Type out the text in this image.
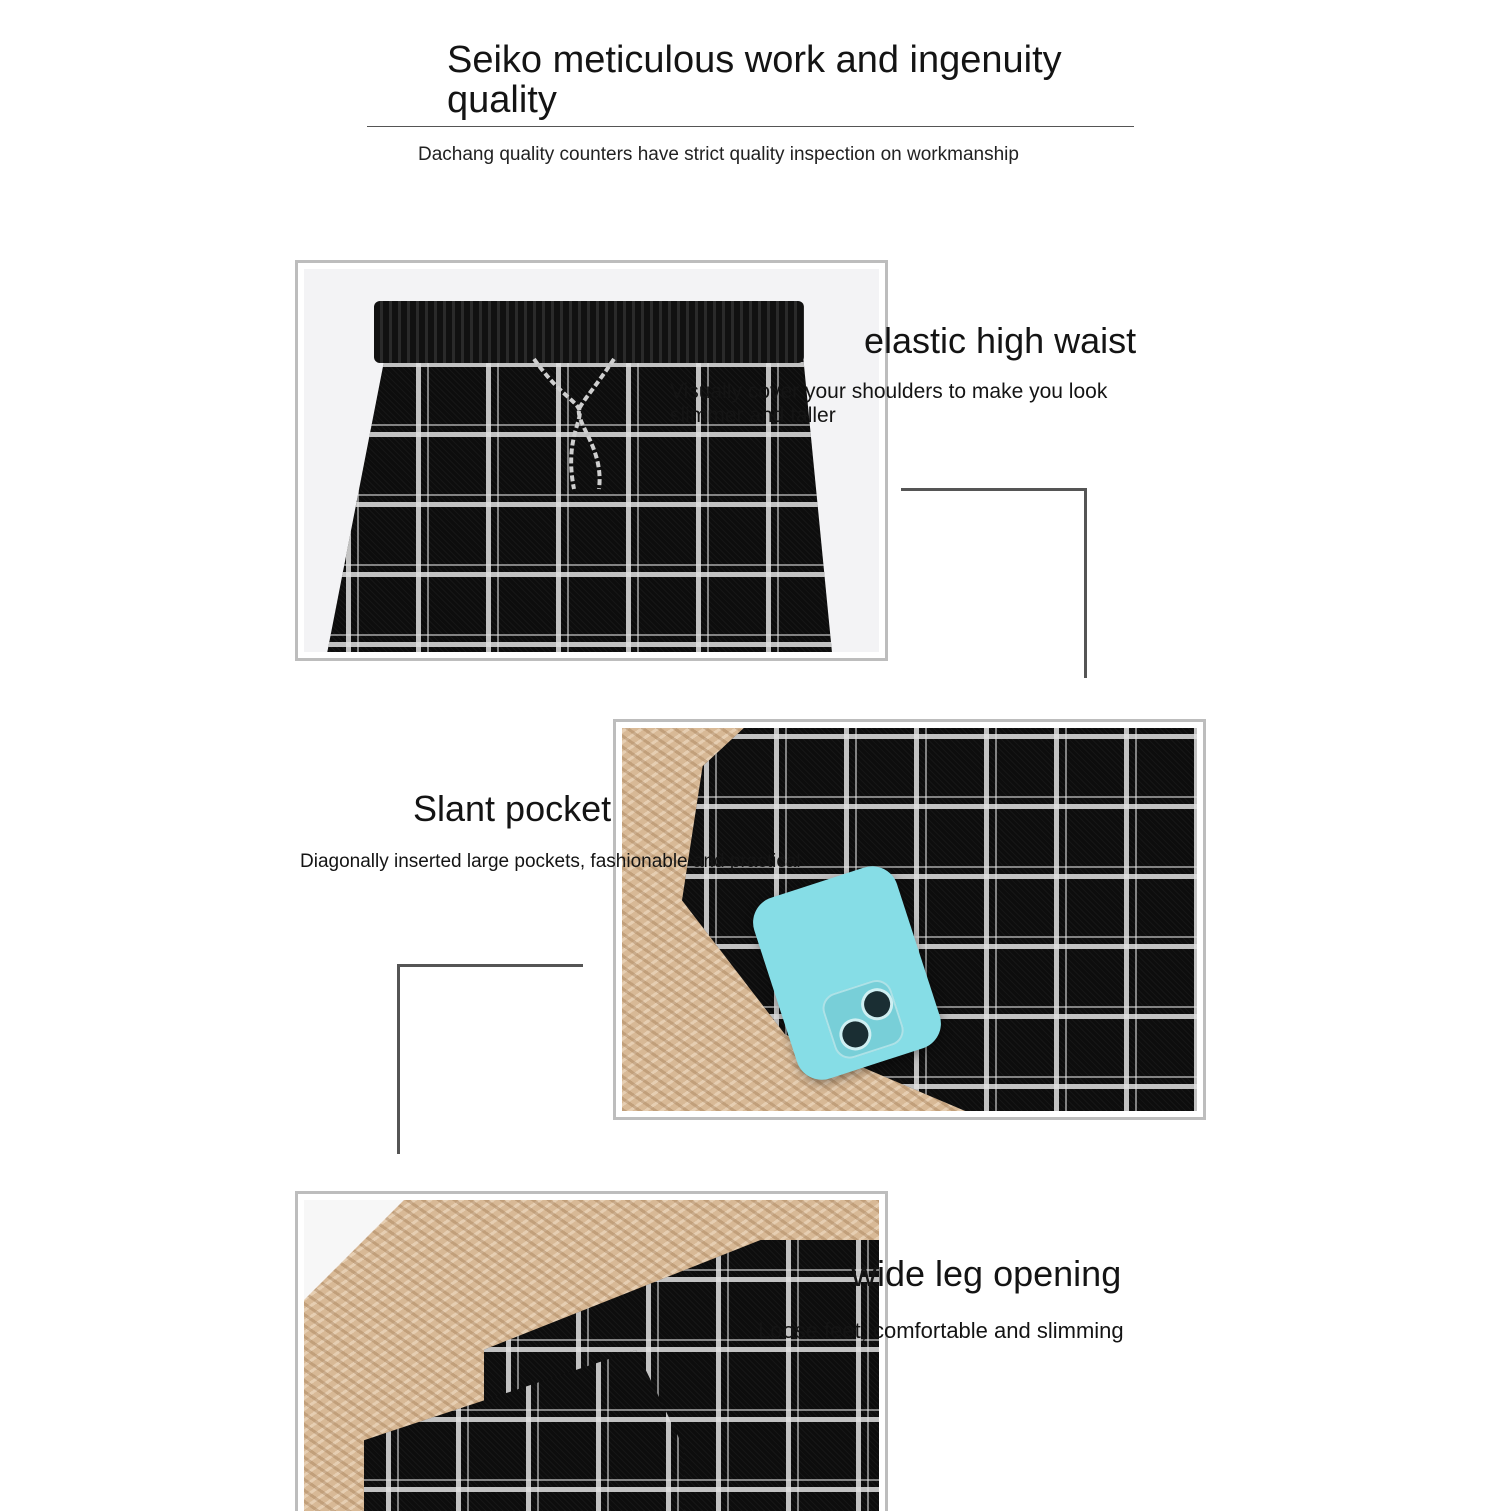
Seiko meticulous work and ingenuity quality
Dachang quality counters have strict quality inspection on workmanship
elastic high waist
Visually cover your shoulders to make you look slimmer and taller
Slant pocket
Diagonally inserted large pockets, fashionable and practical
wide leg opening
Loose feet, comfortable and slimming
